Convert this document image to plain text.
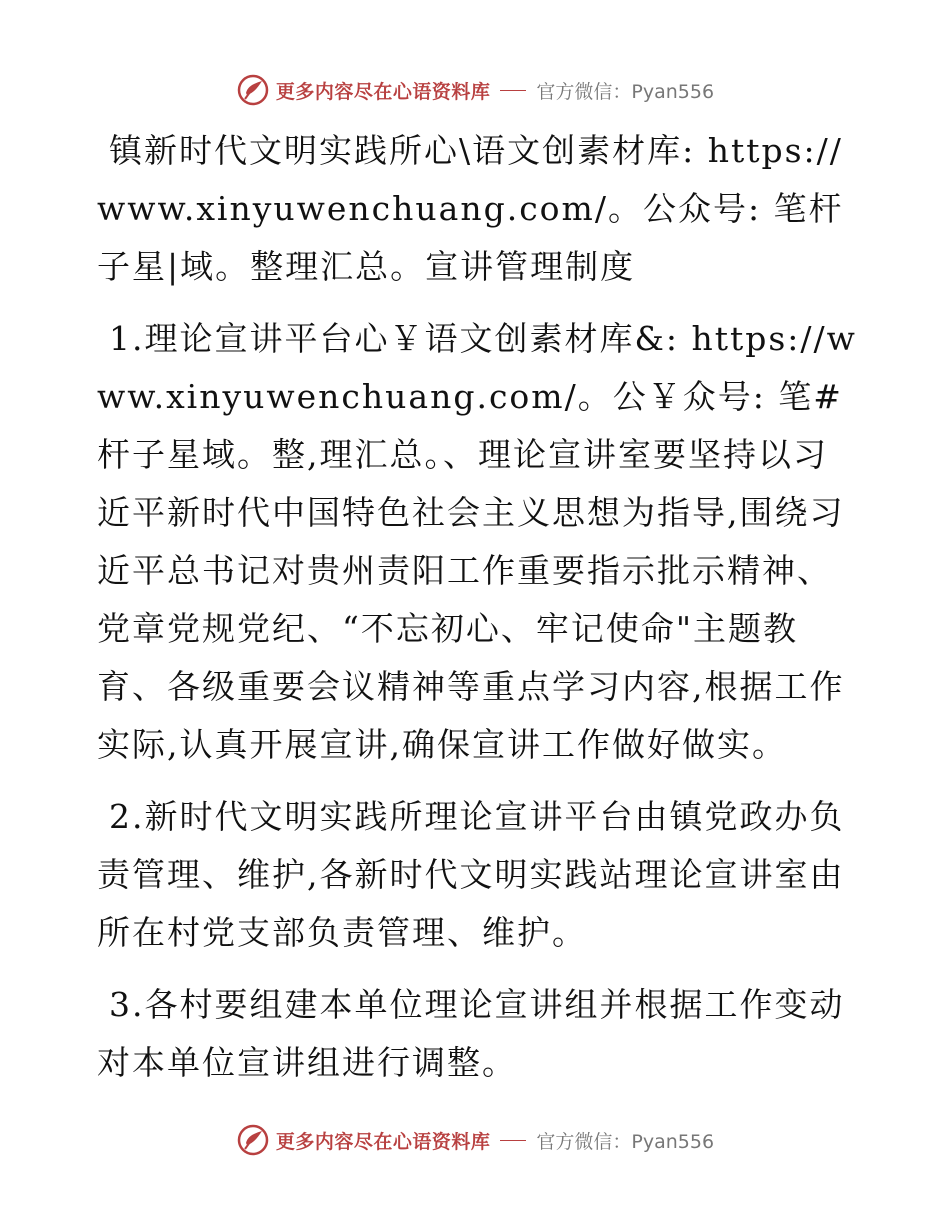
更多内容尽在心语资料库 官方微信：Pyan556

镇新时代文明实践所心\语文创素材库: https://www.xinyuwenchuang.com/。公众号: 笔杆子星|域。整理汇总。宣讲管理制度

1.理论宣讲平台心￥语文创素材库&: https://www.xinyuwenchuang.com/。公￥众号: 笔#杆子星域。整,理汇总。、理论宣讲室要坚持以习近平新时代中国特色社会主义思想为指导,围绕习近平总书记对贵州责阳工作重要指示批示精神、党章党规党纪、“不忘初心、牢记使命"主题教育、各级重要会议精神等重点学习内容,根据工作实际,认真开展宣讲,确保宣讲工作做好做实。

2.新时代文明实践所理论宣讲平台由镇党政办负责管理、维护,各新时代文明实践站理论宣讲室由所在村党支部负责管理、维护。

3.各村要组建本单位理论宣讲组并根据工作变动对本单位宣讲组进行调整。

更多内容尽在心语资料库 官方微信：Pyan556
